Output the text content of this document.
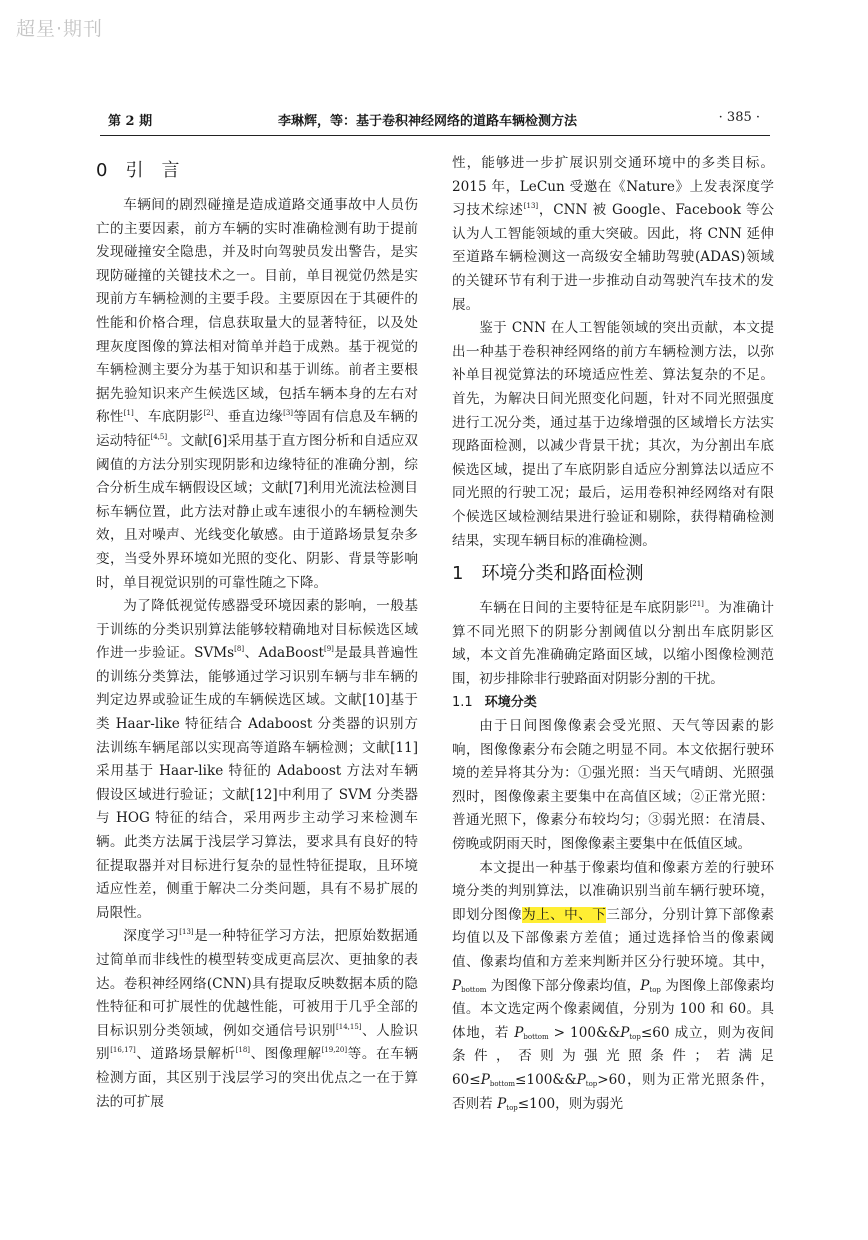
超星·期刊
第 2 期	李琳辉，等：基于卷积神经网络的道路车辆检测方法	· 385 ·
0 引　言

车辆间的剧烈碰撞是造成道路交通事故中人员伤亡的主要因素，前方车辆的实时准确检测有助于提前发现碰撞安全隐患，并及时向驾驶员发出警告，是实现防碰撞的关键技术之一。目前，单目视觉仍然是实现前方车辆检测的主要手段。主要原因在于其硬件的性能和价格合理，信息获取量大的显著特征，以及处理灰度图像的算法相对简单并趋于成熟。基于视觉的车辆检测主要分为基于知识和基于训练。前者主要根据先验知识来产生候选区域，包括车辆本身的左右对称性[1]、车底阴影[2]、垂直边缘[3]等固有信息及车辆的运动特征[4,5]。文献[6]采用基于直方图分析和自适应双阈值的方法分别实现阴影和边缘特征的准确分割，综合分析生成车辆假设区域；文献[7]利用光流法检测目标车辆位置，此方法对静止或车速很小的车辆检测失效，且对噪声、光线变化敏感。由于道路场景复杂多变，当受外界环境如光照的变化、阴影、背景等影响时，单目视觉识别的可靠性随之下降。

为了降低视觉传感器受环境因素的影响，一般基于训练的分类识别算法能够较精确地对目标候选区域作进一步验证。SVMs[8]、AdaBoost[9]是最具普遍性的训练分类算法，能够通过学习识别车辆与非车辆的判定边界或验证生成的车辆候选区域。文献[10]基于类 Haar-like 特征结合 Adaboost 分类器的识别方法训练车辆尾部以实现高等道路车辆检测；文献[11]采用基于 Haar-like 特征的 Adaboost 方法对车辆假设区域进行验证；文献[12]中利用了 SVM 分类器与 HOG 特征的结合，采用两步主动学习来检测车辆。此类方法属于浅层学习算法，要求具有良好的特征提取器并对目标进行复杂的显性特征提取，且环境适应性差，侧重于解决二分类问题，具有不易扩展的局限性。

深度学习[13]是一种特征学习方法，把原始数据通过简单而非线性的模型转变成更高层次、更抽象的表达。卷积神经网络(CNN)具有提取反映数据本质的隐性特征和可扩展性的优越性能，可被用于几乎全部的目标识别分类领域，例如交通信号识别[14,15]、人脸识别[16,17]、道路场景解析[18]、图像理解[19,20]等。在车辆检测方面，其区别于浅层学习的突出优点之一在于算法的可扩展

性，能够进一步扩展识别交通环境中的多类目标。2015 年，LeCun 受邀在《Nature》上发表深度学习技术综述[13]，CNN 被 Google、Facebook 等公认为人工智能领域的重大突破。因此，将 CNN 延伸至道路车辆检测这一高级安全辅助驾驶(ADAS)领域的关键环节有利于进一步推动自动驾驶汽车技术的发展。

鉴于 CNN 在人工智能领域的突出贡献，本文提出一种基于卷积神经网络的前方车辆检测方法，以弥补单目视觉算法的环境适应性差、算法复杂的不足。首先，为解决日间光照变化问题，针对不同光照强度进行工况分类，通过基于边缘增强的区域增长方法实现路面检测，以减少背景干扰；其次，为分割出车底候选区域，提出了车底阴影自适应分割算法以适应不同光照的行驶工况；最后，运用卷积神经网络对有限个候选区域检测结果进行验证和剔除，获得精确检测结果，实现车辆目标的准确检测。

1 环境分类和路面检测

车辆在日间的主要特征是车底阴影[21]。为准确计算不同光照下的阴影分割阈值以分割出车底阴影区域，本文首先准确确定路面区域，以缩小图像检测范围，初步排除非行驶路面对阴影分割的干扰。

1.1 环境分类

由于日间图像像素会受光照、天气等因素的影响，图像像素分布会随之明显不同。本文依据行驶环境的差异将其分为：①强光照：当天气晴朗、光照强烈时，图像像素主要集中在高值区域；②正常光照：普通光照下，像素分布较均匀；③弱光照：在清晨、傍晚或阴雨天时，图像像素主要集中在低值区域。

本文提出一种基于像素均值和像素方差的行驶环境分类的判别算法，以准确识别当前车辆行驶环境，即划分图像为上、中、下三部分，分别计算下部像素均值以及下部像素方差值；通过选择恰当的像素阈值、像素均值和方差来判断并区分行驶环境。其中，$P_{bottom}$ 为图像下部分像素均值，$P_{top}$ 为图像上部像素均值。本文选定两个像素阈值，分别为 100 和 60。具体地，若 $P_{bottom}$ > $100\&\&P_{top}\le 60$ 成立，则为夜间条件，否则为强光照条件；若满足 $60\le P_{bottom}\le 100\&\&P_{top}>60$，则为正常光照条件，否则若 $P_{top}\le 100$，则为弱光
